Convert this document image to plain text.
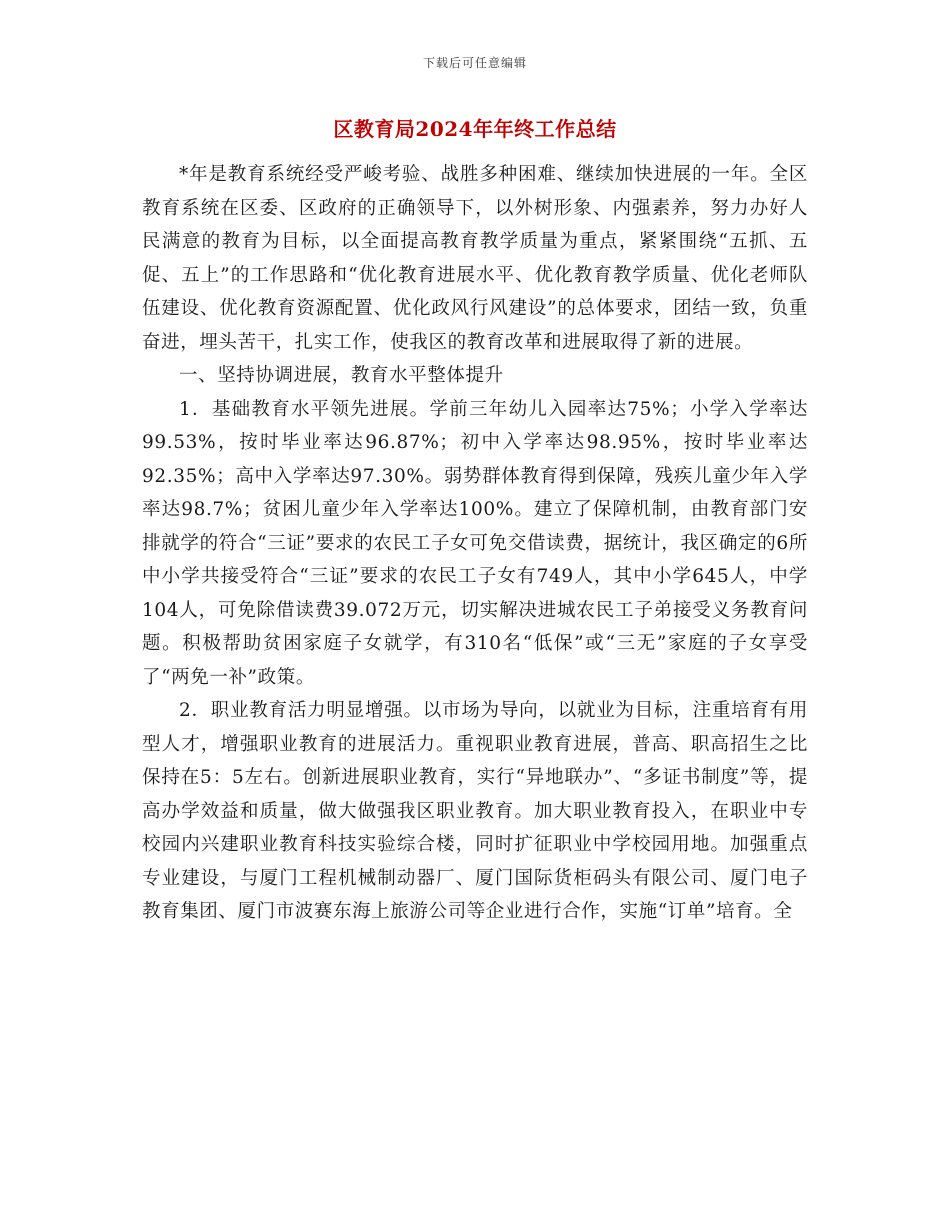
下载后可任意编辑
区教育局2024年年终工作总结

*年是教育系统经受严峻考验、战胜多种困难、继续加快进展的一年。全区教育系统在区委、区政府的正确领导下，以外树形象、内强素养，努力办好人民满意的教育为目标，以全面提高教育教学质量为重点，紧紧围绕“五抓、五促、五上”的工作思路和“优化教育进展水平、优化教育教学质量、优化老师队伍建设、优化教育资源配置、优化政风行风建设”的总体要求，团结一致，负重奋进，埋头苦干，扎实工作，使我区的教育改革和进展取得了新的进展。

一、坚持协调进展，教育水平整体提升

1．基础教育水平领先进展。学前三年幼儿入园率达75%；小学入学率达99.53%，按时毕业率达96.87%；初中入学率达98.95%，按时毕业率达92.35%；高中入学率达97.30%。弱势群体教育得到保障，残疾儿童少年入学率达98.7%；贫困儿童少年入学率达100%。建立了保障机制，由教育部门安排就学的符合“三证”要求的农民工子女可免交借读费，据统计，我区确定的6所中小学共接受符合“三证”要求的农民工子女有749人，其中小学645人，中学104人，可免除借读费39.072万元，切实解决进城农民工子弟接受义务教育问题。积极帮助贫困家庭子女就学，有310名“低保”或“三无”家庭的子女享受了“两免一补”政策。

2．职业教育活力明显增强。以市场为导向，以就业为目标，注重培育有用型人才，增强职业教育的进展活力。重视职业教育进展，普高、职高招生之比保持在5：5左右。创新进展职业教育，实行“异地联办”、“多证书制度”等，提高办学效益和质量，做大做强我区职业教育。加大职业教育投入，在职业中专校园内兴建职业教育科技实验综合楼，同时扩征职业中学校园用地。加强重点专业建设，与厦门工程机械制动器厂、厦门国际货柜码头有限公司、厦门电子教育集团、厦门市波赛东海上旅游公司等企业进行合作，实施“订单”培育。全
